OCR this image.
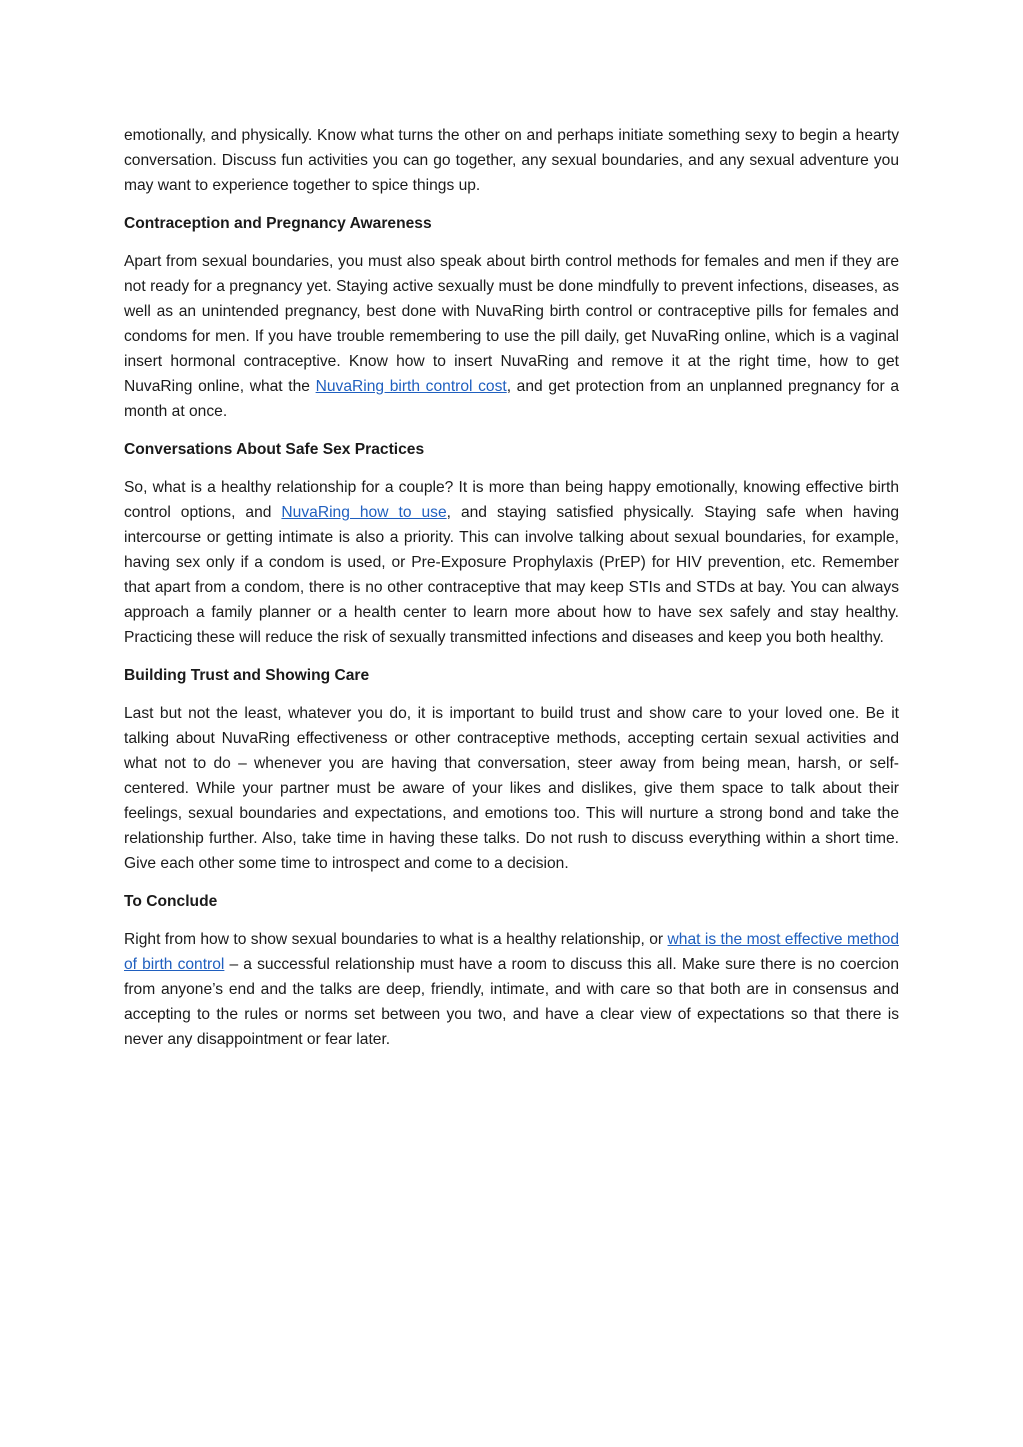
emotionally, and physically. Know what turns the other on and perhaps initiate something sexy to begin a hearty conversation. Discuss fun activities you can go together, any sexual boundaries, and any sexual adventure you may want to experience together to spice things up.

Contraception and Pregnancy Awareness

Apart from sexual boundaries, you must also speak about birth control methods for females and men if they are not ready for a pregnancy yet. Staying active sexually must be done mindfully to prevent infections, diseases, as well as an unintended pregnancy, best done with NuvaRing birth control or contraceptive pills for females and condoms for men. If you have trouble remembering to use the pill daily, get NuvaRing online, which is a vaginal insert hormonal contraceptive. Know how to insert NuvaRing and remove it at the right time, how to get NuvaRing online, what the NuvaRing birth control cost, and get protection from an unplanned pregnancy for a month at once.

Conversations About Safe Sex Practices

So, what is a healthy relationship for a couple? It is more than being happy emotionally, knowing effective birth control options, and NuvaRing how to use, and staying satisfied physically. Staying safe when having intercourse or getting intimate is also a priority. This can involve talking about sexual boundaries, for example, having sex only if a condom is used, or Pre-Exposure Prophylaxis (PrEP) for HIV prevention, etc. Remember that apart from a condom, there is no other contraceptive that may keep STIs and STDs at bay. You can always approach a family planner or a health center to learn more about how to have sex safely and stay healthy. Practicing these will reduce the risk of sexually transmitted infections and diseases and keep you both healthy.

Building Trust and Showing Care

Last but not the least, whatever you do, it is important to build trust and show care to your loved one. Be it talking about NuvaRing effectiveness or other contraceptive methods, accepting certain sexual activities and what not to do – whenever you are having that conversation, steer away from being mean, harsh, or self-centered. While your partner must be aware of your likes and dislikes, give them space to talk about their feelings, sexual boundaries and expectations, and emotions too. This will nurture a strong bond and take the relationship further. Also, take time in having these talks. Do not rush to discuss everything within a short time. Give each other some time to introspect and come to a decision.

To Conclude

Right from how to show sexual boundaries to what is a healthy relationship, or what is the most effective method of birth control – a successful relationship must have a room to discuss this all. Make sure there is no coercion from anyone’s end and the talks are deep, friendly, intimate, and with care so that both are in consensus and accepting to the rules or norms set between you two, and have a clear view of expectations so that there is never any disappointment or fear later.
